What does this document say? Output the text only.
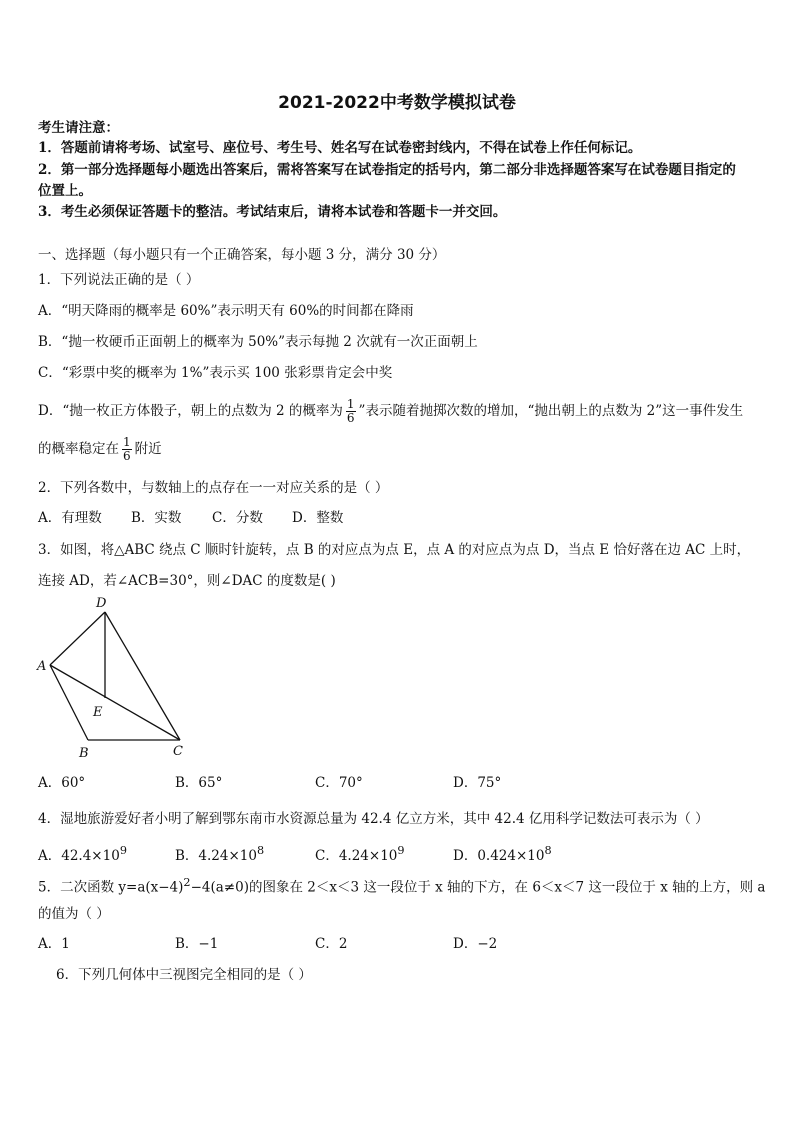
2021-2022中考数学模拟试卷
考生请注意：
1．答题前请将考场、试室号、座位号、考生号、姓名写在试卷密封线内，不得在试卷上作任何标记。
2．第一部分选择题每小题选出答案后，需将答案写在试卷指定的括号内，第二部分非选择题答案写在试卷题目指定的
位置上。
3．考生必须保证答题卡的整洁。考试结束后，请将本试卷和答题卡一并交回。
一、选择题（每小题只有一个正确答案，每小题 3 分，满分 30 分）
1．下列说法正确的是（ ）
A．“明天降雨的概率是 60%”表示明天有 60%的时间都在降雨
B．“抛一枚硬币正面朝上的概率为 50%”表示每抛 2 次就有一次正面朝上
C．“彩票中奖的概率为 1%”表示买 100 张彩票肯定会中奖
D．“抛一枚正方体骰子，朝上的点数为 2 的概率为 $\frac{1}{6}$ ”表示随着抛掷次数的增加，“抛出朝上的点数为 2”这一事件发生
的概率稳定在 $\frac{1}{6}$ 附近
2．下列各数中，与数轴上的点存在一一对应关系的是（ ）
A．有理数 B．实数 C．分数 D．整数
3．如图，将△ABC 绕点 C 顺时针旋转，点 B 的对应点为点 E，点 A 的对应点为点 D，当点 E 恰好落在边 AC 上时，
连接 AD，若∠ACB=30°，则∠DAC 的度数是( )
D
A
E
B	C
A．60°	B．65°	C．70°	D．75°
4．湿地旅游爱好者小明了解到鄂东南市水资源总量为 42.4 亿立方米，其中 42.4 亿用科学记数法可表示为（ ）
A．$42.4\times 10^9$	B．$4.24\times 10^8$	C．$4.24\times 10^9$	D．$0.424\times 10^8$
5．二次函数 $y=a(x-4)^2-4(a\ne 0)$的图象在 2＜x＜3 这一段位于 x 轴的下方，在 6＜x＜7 这一段位于 x 轴的上方，则 a
的值为（ ）
A．1	B．−1	C．2	D．−2
6．下列几何体中三视图完全相同的是（ ）
